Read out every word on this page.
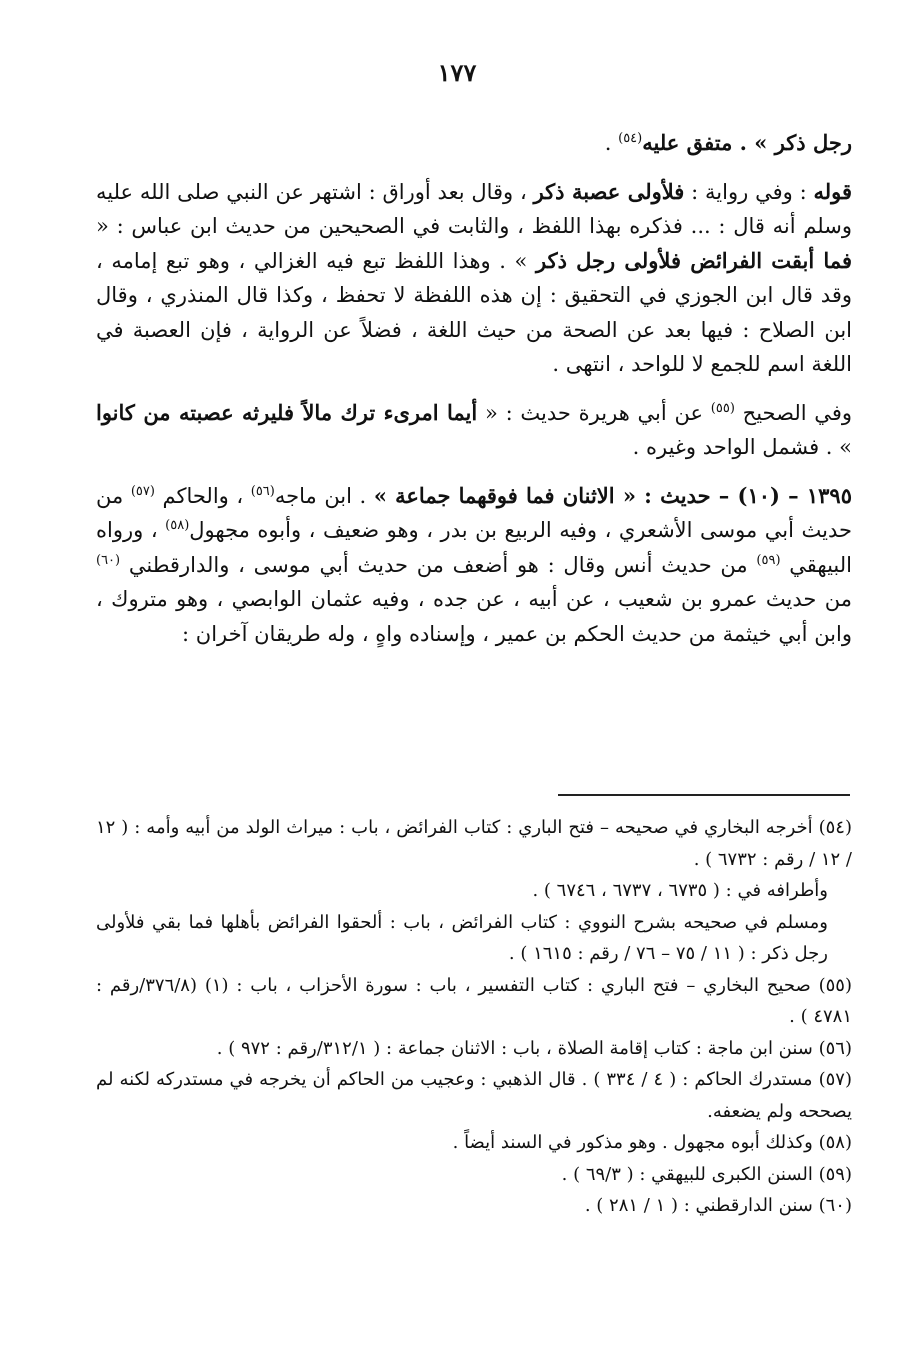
١٧٧

رجل ذكر » . متفق عليه$^{(٥٤)}$ .

قوله : وفي رواية : فلأولى عصبة ذكر ، وقال بعد أوراق : اشتهر عن النبي صلى الله عليه وسلم أنه قال : ... فذكره بهذا اللفظ ، والثابت في الصحيحين من حديث ابن عباس : « فما أبقت الفرائض فلأولى رجل ذكر » . وهذا اللفظ تبع فيه الغزالي ، وهو تبع إمامه ، وقد قال ابن الجوزي في التحقيق : إن هذه اللفظة لا تحفظ ، وكذا قال المنذري ، وقال ابن الصلاح : فيها بعد عن الصحة من حيث اللغة ، فضلاً عن الرواية ، فإن العصبة في اللغة اسم للجمع لا للواحد ، انتهى .

وفي الصحيح $^{(٥٥)}$ عن أبي هريرة حديث : « أيما امرىء ترك مالاً فليرثه عصبته من كانوا » . فشمل الواحد وغيره .

١٣٩٥ – (١٠) – حديث : « الاثنان فما فوقهما جماعة » . ابن ماجه$^{(٥٦)}$ ، والحاكم $^{(٥٧)}$ من حديث أبي موسى الأشعري ، وفيه الربيع بن بدر ، وهو ضعيف ، وأبوه مجهول$^{(٥٨)}$ ، ورواه البيهقي $^{(٥٩)}$ من حديث أنس وقال : هو أضعف من حديث أبي موسى ، والدارقطني $^{(٦٠)}$ من حديث عمرو بن شعيب ، عن أبيه ، عن جده ، وفيه عثمان الوابصي ، وهو متروك ، وابن أبي خيثمة من حديث الحكم بن عمير ، وإسناده واهٍ ، وله طريقان آخران :

(٥٤) أخرجه البخاري في صحيحه – فتح الباري : كتاب الفرائض ، باب : ميراث الولد من أبيه وأمه : ( ١٢ / ١٢ / رقم : ٦٧٣٢ ) .

وأطرافه في : ( ٦٧٣٥ ، ٦٧٣٧ ، ٦٧٤٦ ) .

ومسلم في صحيحه بشرح النووي : كتاب الفرائض ، باب : ألحقوا الفرائض بأهلها فما بقي فلأولى رجل ذكر : ( ١١ / ٧٥ – ٧٦ / رقم : ١٦١٥ ) .

(٥٥) صحيح البخاري – فتح الباري : كتاب التفسير ، باب : سورة الأحزاب ، باب : (١) (٣٧٦/٨/رقم : ٤٧٨١ ) .

(٥٦) سنن ابن ماجة : كتاب إقامة الصلاة ، باب : الاثنان جماعة : ( ٣١٢/١/رقم : ٩٧٢ ) .

(٥٧) مستدرك الحاكم : ( ٤ / ٣٣٤ ) . قال الذهبي : وعجيب من الحاكم أن يخرجه في مستدركه لكنه لم يصححه ولم يضعفه.

(٥٨) وكذلك أبوه مجهول . وهو مذكور في السند أيضاً .

(٥٩) السنن الكبرى للبيهقي : ( ٦٩/٣ ) .

(٦٠) سنن الدارقطني : ( ١ / ٢٨١ ) .
